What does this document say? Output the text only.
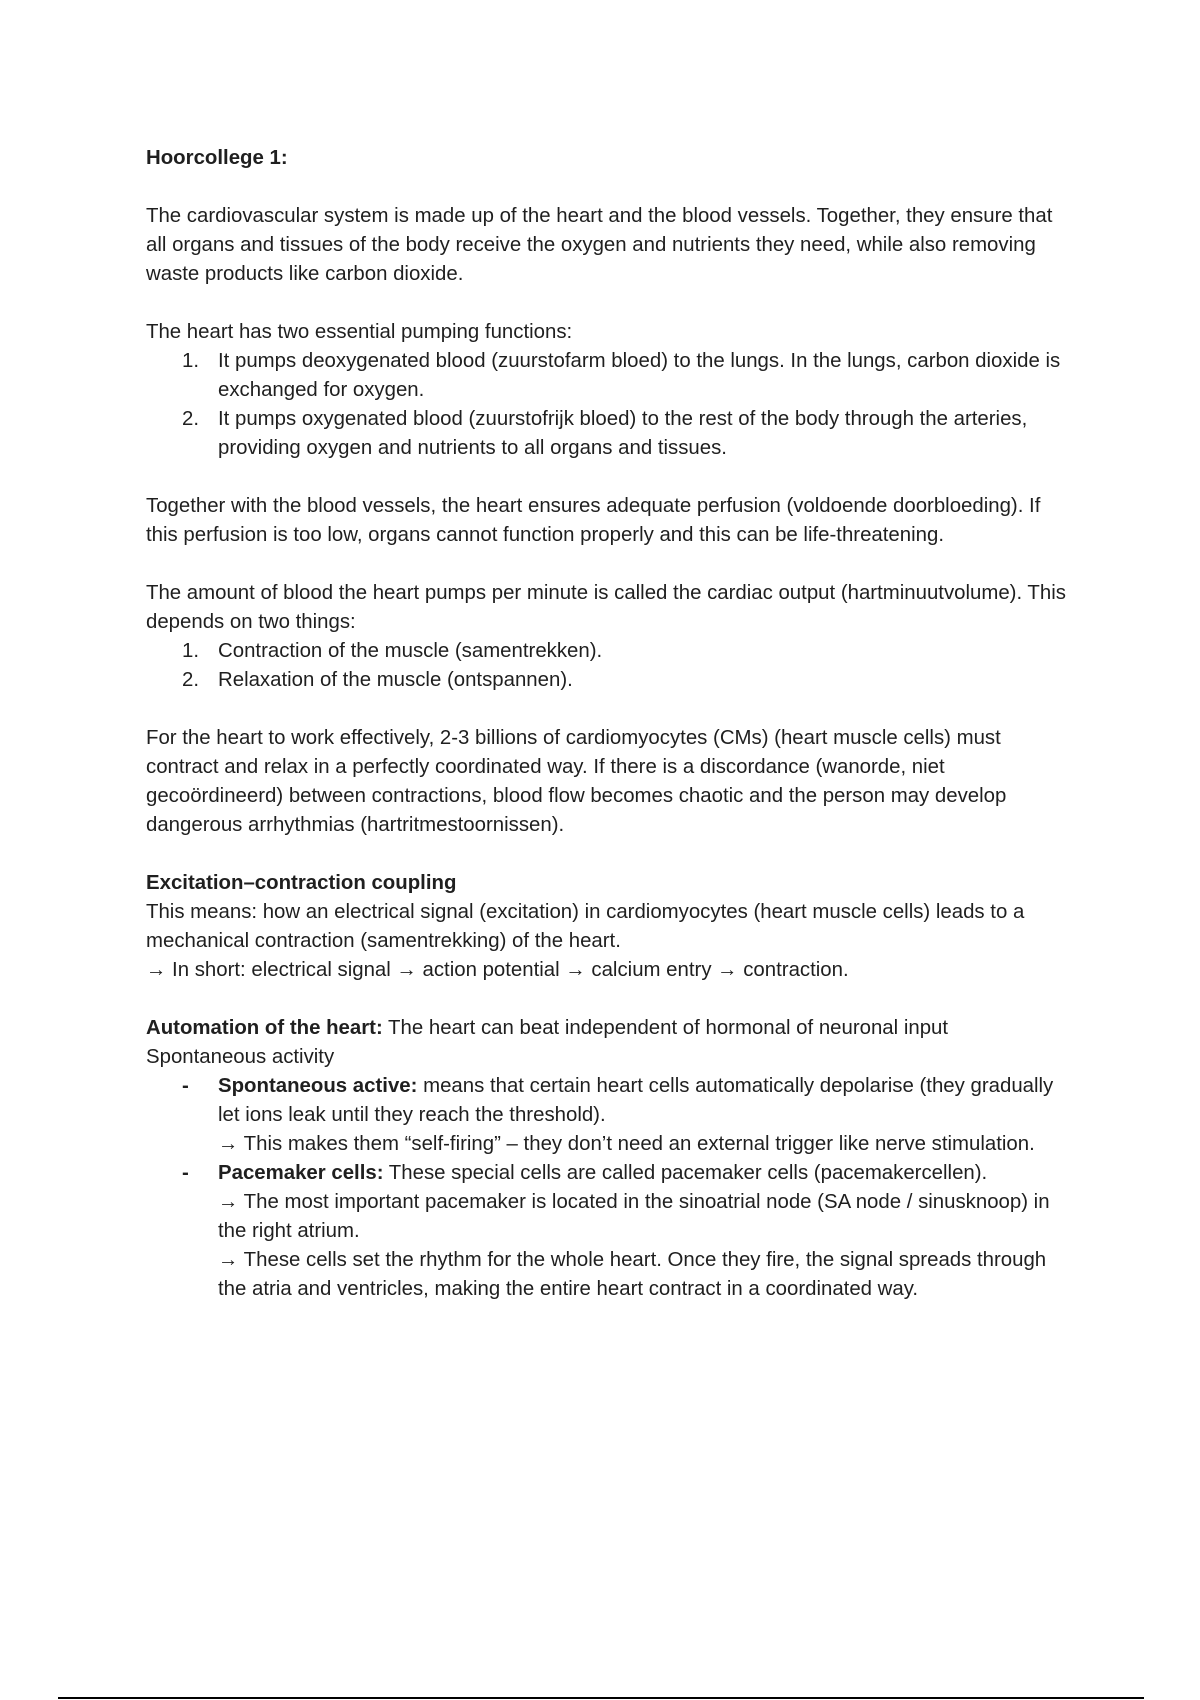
Hoorcollege 1:

The cardiovascular system is made up of the heart and the blood vessels. Together, they ensure that all organs and tissues of the body receive the oxygen and nutrients they need, while also removing waste products like carbon dioxide.

The heart has two essential pumping functions:

1. It pumps deoxygenated blood (zuurstofarm bloed) to the lungs. In the lungs, carbon dioxide is exchanged for oxygen.
2. It pumps oxygenated blood (zuurstofrijk bloed) to the rest of the body through the arteries, providing oxygen and nutrients to all organs and tissues.

Together with the blood vessels, the heart ensures adequate perfusion (voldoende doorbloeding). If this perfusion is too low, organs cannot function properly and this can be life-threatening.

The amount of blood the heart pumps per minute is called the cardiac output (hartminuutvolume). This depends on two things:

1. Contraction of the muscle (samentrekken).
2. Relaxation of the muscle (ontspannen).

For the heart to work effectively, 2-3 billions of cardiomyocytes (CMs) (heart muscle cells) must contract and relax in a perfectly coordinated way. If there is a discordance (wanorde, niet gecoördineerd) between contractions, blood flow becomes chaotic and the person may develop dangerous arrhythmias (hartritmestoornissen).

Excitation–contraction coupling

This means: how an electrical signal (excitation) in cardiomyocytes (heart muscle cells) leads to a mechanical contraction (samentrekking) of the heart.

→ In short: electrical signal → action potential → calcium entry → contraction.

Automation of the heart: The heart can beat independent of hormonal of neuronal input

Spontaneous activity

- Spontaneous active: means that certain heart cells automatically depolarise (they gradually let ions leak until they reach the threshold).

→ This makes them “self-firing” – they don’t need an external trigger like nerve stimulation.

- Pacemaker cells: These special cells are called pacemaker cells (pacemakercellen).

→ The most important pacemaker is located in the sinoatrial node (SA node / sinusknoop) in the right atrium.

→ These cells set the rhythm for the whole heart. Once they fire, the signal spreads through the atria and ventricles, making the entire heart contract in a coordinated way.
